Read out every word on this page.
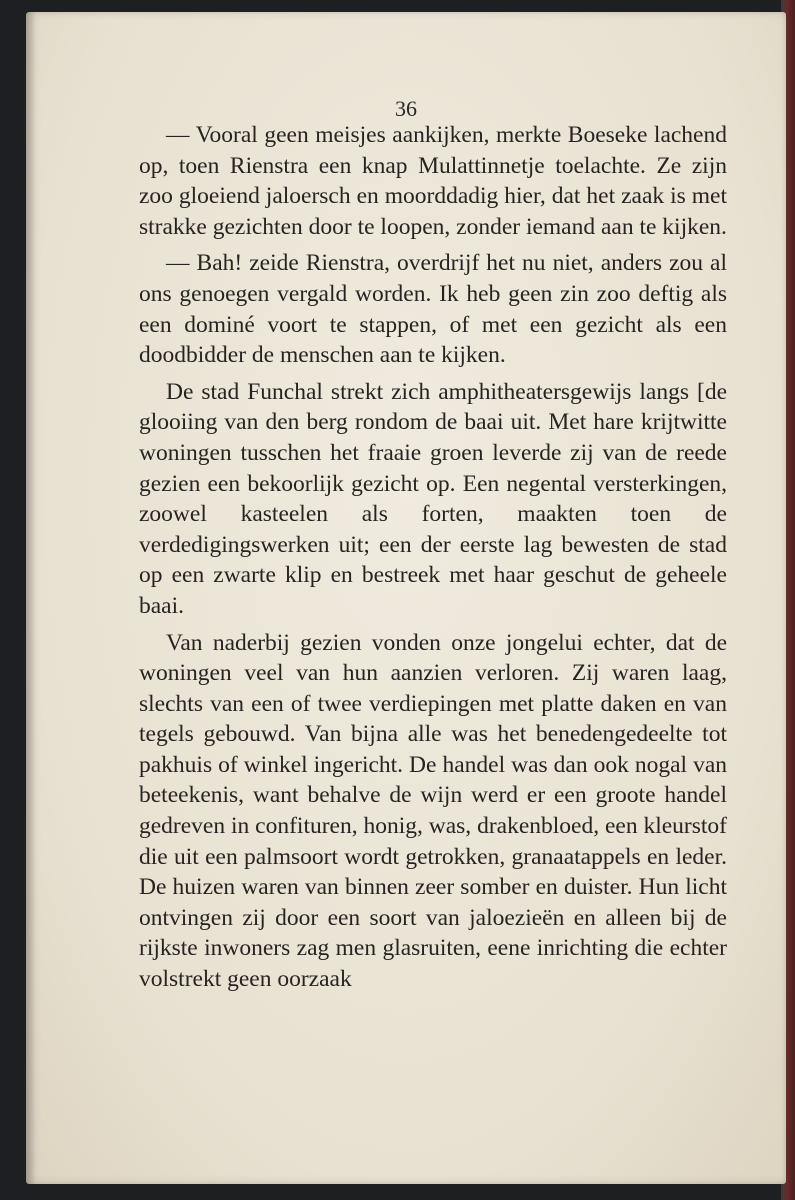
36

— Vooral geen meisjes aankijken, merkte Boeseke lachend op, toen Rienstra een knap Mulattinnetje toelachte. Ze zijn zoo gloeiend jaloersch en moorddadig hier, dat het zaak is met strakke gezichten door te loopen, zonder iemand aan te kijken.

— Bah! zeide Rienstra, overdrijf het nu niet, anders zou al ons genoegen vergald worden. Ik heb geen zin zoo deftig als een dominé voort te stappen, of met een gezicht als een doodbidder de menschen aan te kijken.

De stad Funchal strekt zich amphitheatersgewijs langs [de glooiing van den berg rondom de baai uit. Met hare krijtwitte woningen tusschen het fraaie groen leverde zij van de reede gezien een bekoorlijk gezicht op. Een negental versterkingen, zoowel kasteelen als forten, maakten toen de verdedigingswerken uit; een der eerste lag bewesten de stad op een zwarte klip en bestreek met haar geschut de geheele baai.

Van naderbij gezien vonden onze jongelui echter, dat de woningen veel van hun aanzien verloren. Zij waren laag, slechts van een of twee verdiepingen met platte daken en van tegels gebouwd. Van bijna alle was het benedengedeelte tot pakhuis of winkel ingericht. De handel was dan ook nogal van beteekenis, want behalve de wijn werd er een groote handel gedreven in confituren, honig, was, drakenbloed, een kleurstof die uit een palmsoort wordt getrokken, granaatappels en leder. De huizen waren van binnen zeer somber en duister. Hun licht ontvingen zij door een soort van jaloezieën en alleen bij de rijkste inwoners zag men glasruiten, eene inrichting die echter volstrekt geen oorzaak
